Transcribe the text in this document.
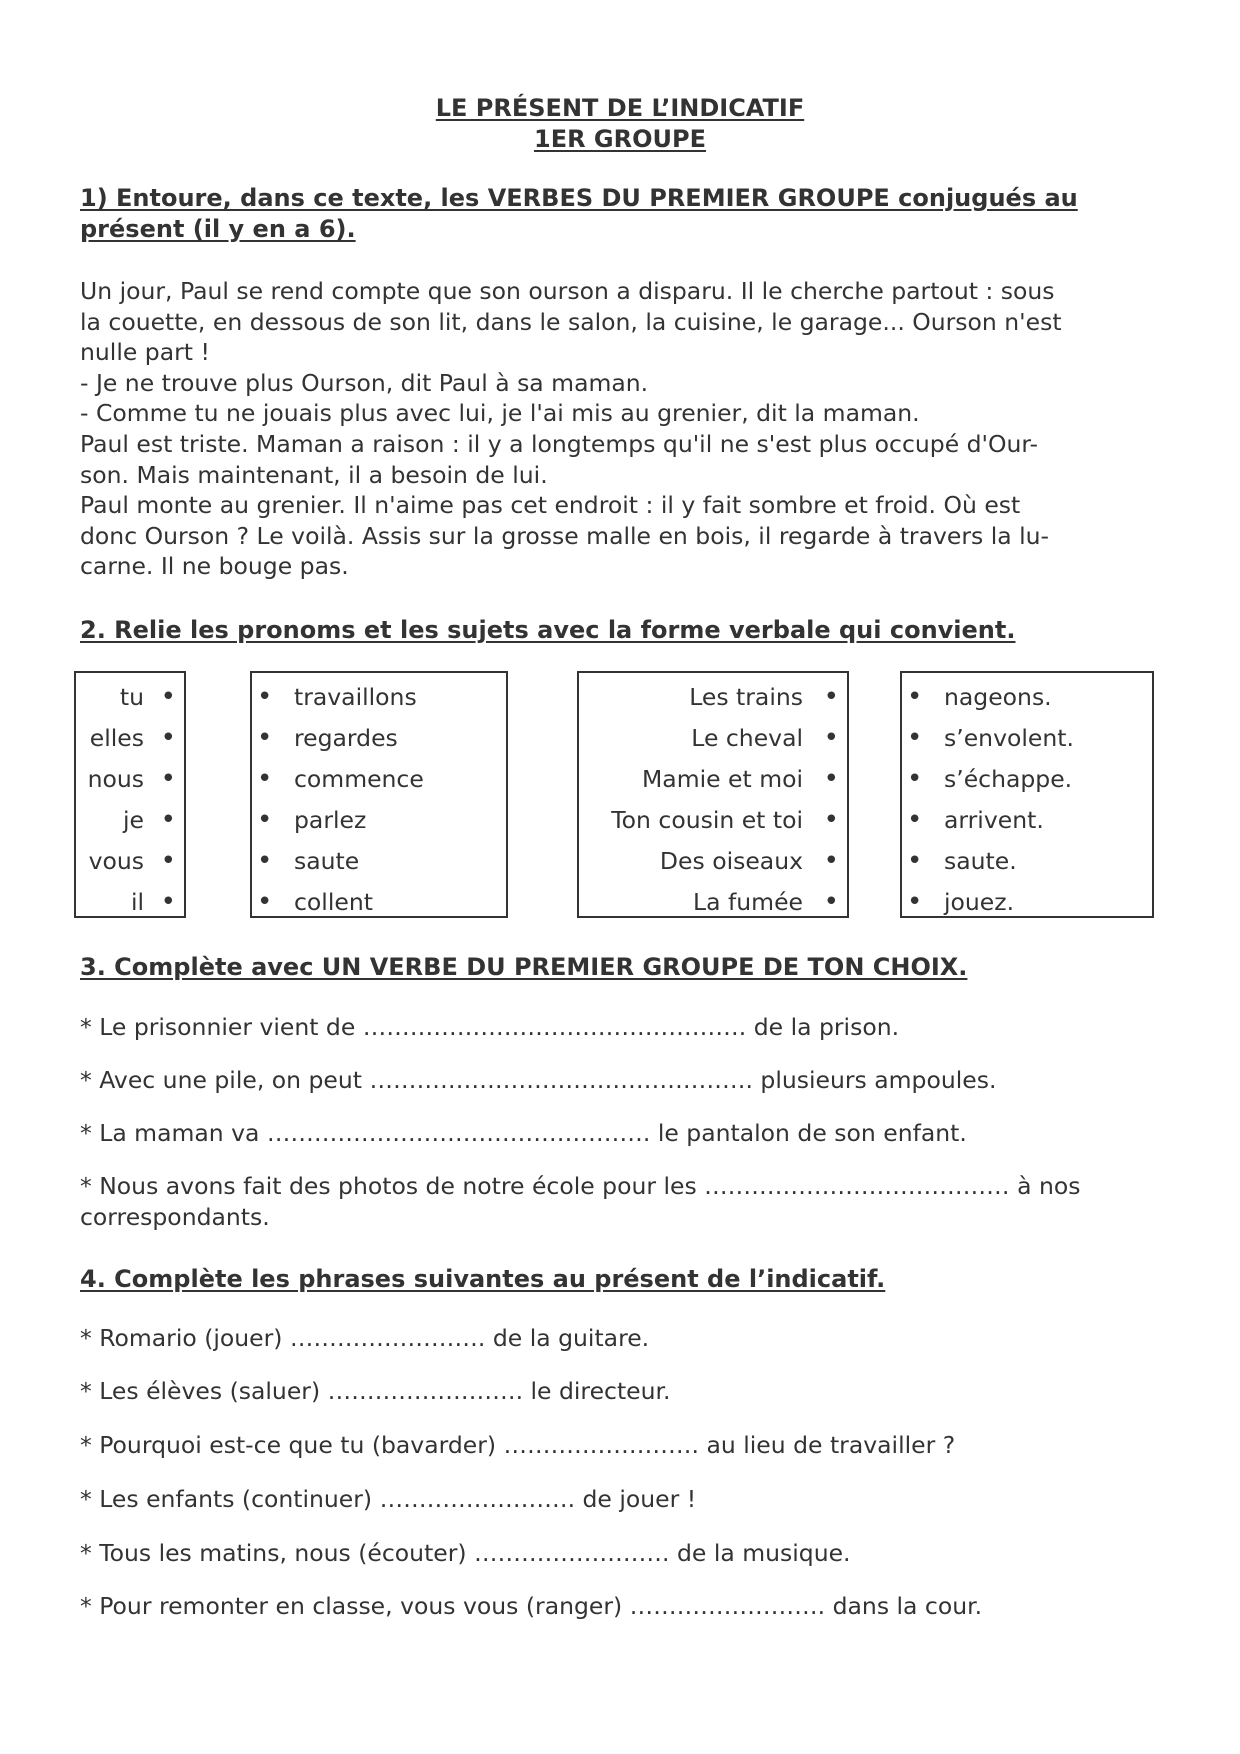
LE PRÉSENT DE L’INDICATIF
1ER GROUPE
1) Entoure, dans ce texte, les VERBES DU PREMIER GROUPE conjugués au
présent (il y en a 6).
Un jour, Paul se rend compte que son ourson a disparu. Il le cherche partout : sous
la couette, en dessous de son lit, dans le salon, la cuisine, le garage... Ourson n'est
nulle part !
- Je ne trouve plus Ourson, dit Paul à sa maman.
- Comme tu ne jouais plus avec lui, je l'ai mis au grenier, dit la maman.
Paul est triste. Maman a raison : il y a longtemps qu'il ne s'est plus occupé d'Our-
son. Mais maintenant, il a besoin de lui.
Paul monte au grenier. Il n'aime pas cet endroit : il y fait sombre et froid. Où est
donc Ourson ? Le voilà. Assis sur la grosse malle en bois, il regarde à travers la lu-
carne. Il ne bouge pas.
2. Relie les pronoms et les sujets avec la forme verbale qui convient.
tu •
elles •
nous •
je •
vous •
il •
• travaillons
• regardes
• commence
• parlez
• saute
• collent
Les trains •
Le cheval •
Mamie et moi •
Ton cousin et toi •
Des oiseaux •
La fumée •
• nageons.
• s’envolent.
• s’échappe.
• arrivent.
• saute.
• jouez.
3. Complète avec UN VERBE DU PREMIER GROUPE DE TON CHOIX.
* Le prisonnier vient de …………………………………………. de la prison.
* Avec une pile, on peut …………………………………………. plusieurs ampoules.
* La maman va …………………………………………. le pantalon de son enfant.
* Nous avons fait des photos de notre école pour les ………………………………… à nos
correspondants.
4. Complète les phrases suivantes au présent de l’indicatif.
* Romario (jouer) ……………………. de la guitare.
* Les élèves (saluer) ……………………. le directeur.
* Pourquoi est-ce que tu (bavarder) ……………………. au lieu de travailler ?
* Les enfants (continuer) ……………………. de jouer !
* Tous les matins, nous (écouter) ……………………. de la musique.
* Pour remonter en classe, vous vous (ranger) ……………………. dans la cour.
